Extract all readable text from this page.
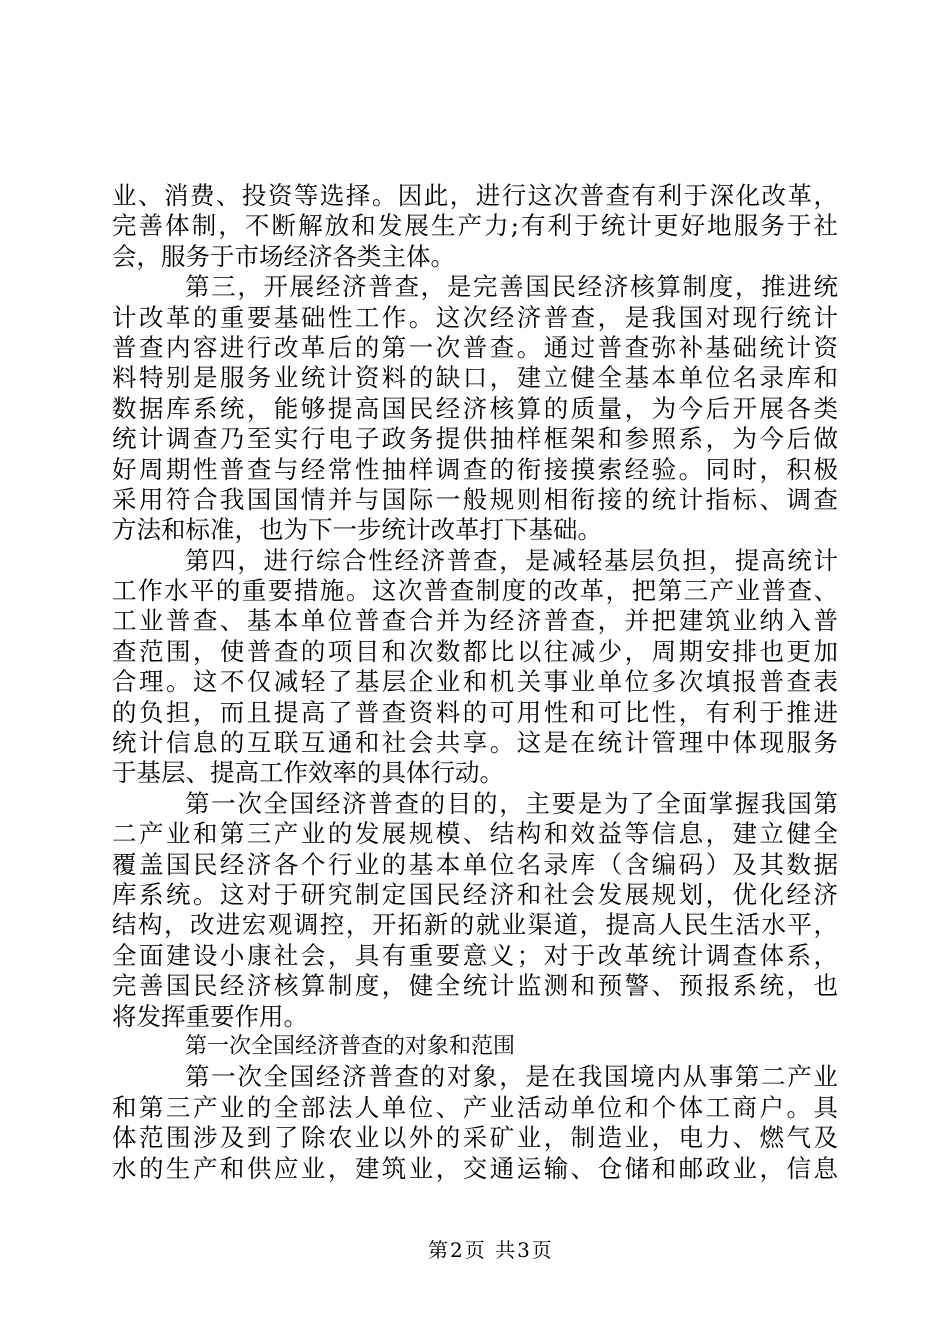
业、消费、投资等选择。因此，进行这次普查有利于深化改革，
完善体制，不断解放和发展生产力;有利于统计更好地服务于社
会，服务于市场经济各类主体。
第三，开展经济普查，是完善国民经济核算制度，推进统
计改革的重要基础性工作。这次经济普查，是我国对现行统计
普查内容进行改革后的第一次普查。通过普查弥补基础统计资
料特别是服务业统计资料的缺口，建立健全基本单位名录库和
数据库系统，能够提高国民经济核算的质量，为今后开展各类
统计调查乃至实行电子政务提供抽样框架和参照系，为今后做
好周期性普查与经常性抽样调查的衔接摸索经验。同时，积极
采用符合我国国情并与国际一般规则相衔接的统计指标、调查
方法和标准，也为下一步统计改革打下基础。
第四，进行综合性经济普查，是减轻基层负担，提高统计
工作水平的重要措施。这次普查制度的改革，把第三产业普查、
工业普查、基本单位普查合并为经济普查，并把建筑业纳入普
查范围，使普查的项目和次数都比以往减少，周期安排也更加
合理。这不仅减轻了基层企业和机关事业单位多次填报普查表
的负担，而且提高了普查资料的可用性和可比性，有利于推进
统计信息的互联互通和社会共享。这是在统计管理中体现服务
于基层、提高工作效率的具体行动。
第一次全国经济普查的目的，主要是为了全面掌握我国第
二产业和第三产业的发展规模、结构和效益等信息，建立健全
覆盖国民经济各个行业的基本单位名录库（含编码）及其数据
库系统。这对于研究制定国民经济和社会发展规划，优化经济
结构，改进宏观调控，开拓新的就业渠道，提高人民生活水平，
全面建设小康社会，具有重要意义；对于改革统计调查体系，
完善国民经济核算制度，健全统计监测和预警、预报系统，也
将发挥重要作用。
第一次全国经济普查的对象和范围
第一次全国经济普查的对象，是在我国境内从事第二产业
和第三产业的全部法人单位、产业活动单位和个体工商户。具
体范围涉及到了除农业以外的采矿业，制造业，电力、燃气及
水的生产和供应业，建筑业，交通运输、仓储和邮政业，信息
第2页 共3页
